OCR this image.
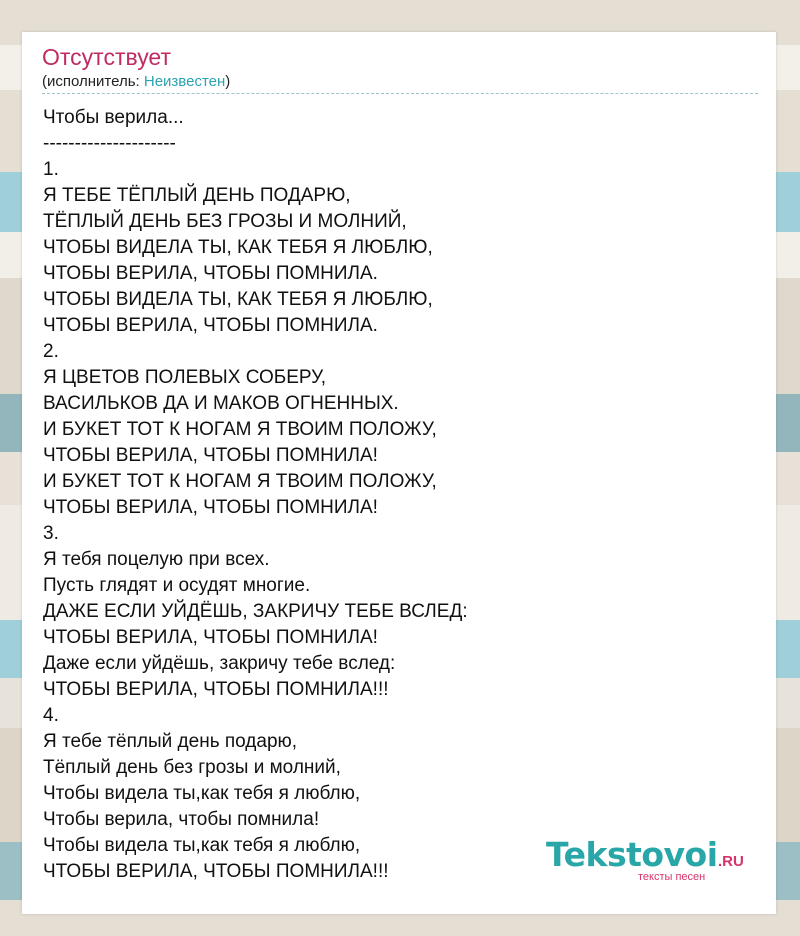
Отсутствует
(исполнитель: Неизвестен)
Чтобы верила...
---------------------
1.
Я ТЕБЕ ТЁПЛЫЙ ДЕНЬ ПОДАРЮ,
ТЁПЛЫЙ ДЕНЬ БЕЗ ГРОЗЫ И МОЛНИЙ,
ЧТОБЫ ВИДЕЛА ТЫ, КАК ТЕБЯ Я ЛЮБЛЮ,
ЧТОБЫ ВЕРИЛА, ЧТОБЫ ПОМНИЛА.
ЧТОБЫ ВИДЕЛА ТЫ, КАК ТЕБЯ Я ЛЮБЛЮ,
ЧТОБЫ ВЕРИЛА, ЧТОБЫ ПОМНИЛА.
2.
Я ЦВЕТОВ ПОЛЕВЫХ СОБЕРУ,
ВАСИЛЬКОВ ДА И МАКОВ ОГНЕННЫХ.
И БУКЕТ ТОТ К НОГАМ Я ТВОИМ ПОЛОЖУ,
ЧТОБЫ ВЕРИЛА, ЧТОБЫ ПОМНИЛА!
И БУКЕТ ТОТ К НОГАМ Я ТВОИМ ПОЛОЖУ,
ЧТОБЫ ВЕРИЛА, ЧТОБЫ ПОМНИЛА!
3.
Я тебя поцелую при всех.
Пусть глядят и осудят многие.
ДАЖЕ ЕСЛИ УЙДЁШЬ, ЗАКРИЧУ ТЕБЕ ВСЛЕД:
ЧТОБЫ ВЕРИЛА, ЧТОБЫ ПОМНИЛА!
Даже если уйдёшь, закричу тебе вслед:
ЧТОБЫ ВЕРИЛА, ЧТОБЫ ПОМНИЛА!!!
4.
Я тебе тёплый день подарю,
Тёплый день без грозы и молний,
Чтобы видела ты,как тебя я люблю,
Чтобы верила, чтобы помнила!
Чтобы видела ты,как тебя я люблю,
ЧТОБЫ ВЕРИЛА, ЧТОБЫ ПОМНИЛА!!!	Tekstovoi .RU
тексты песен
